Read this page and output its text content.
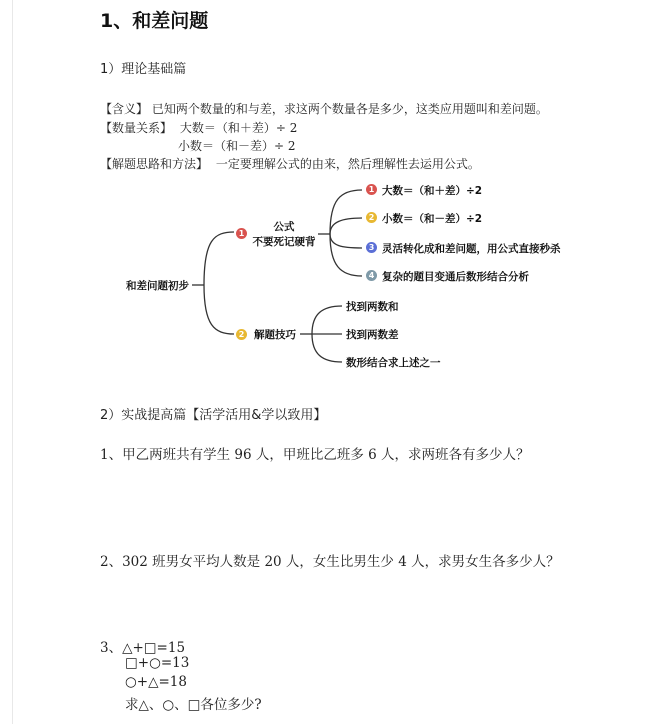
1、和差问题
1）理论基础篇
【含义】 已知两个数量的和与差，求这两个数量各是多少，这类应用题叫和差问题。
【数量关系】 大数＝（和＋差）÷ 2
小数＝（和－差）÷ 2
【解题思路和方法】 一定要理解公式的由来，然后理解性去运用公式。
和差问题初步
1
公式
不要死记硬背
1 大数＝（和＋差）÷2
2 小数＝（和－差）÷2
3 灵活转化成和差问题，用公式直接秒杀
4 复杂的题目变通后数形结合分析
2 解题技巧
找到两数和
找到两数差
数形结合求上述之一
2）实战提高篇【活学活用&学以致用】
1、甲乙两班共有学生 96 人，甲班比乙班多 6 人，求两班各有多少人？
2、302 班男女平均人数是 20 人，女生比男生少 4 人，求男女生各多少人？
3、△+□=15
□+○=13
○+△=18
求△、○、□各位多少?
